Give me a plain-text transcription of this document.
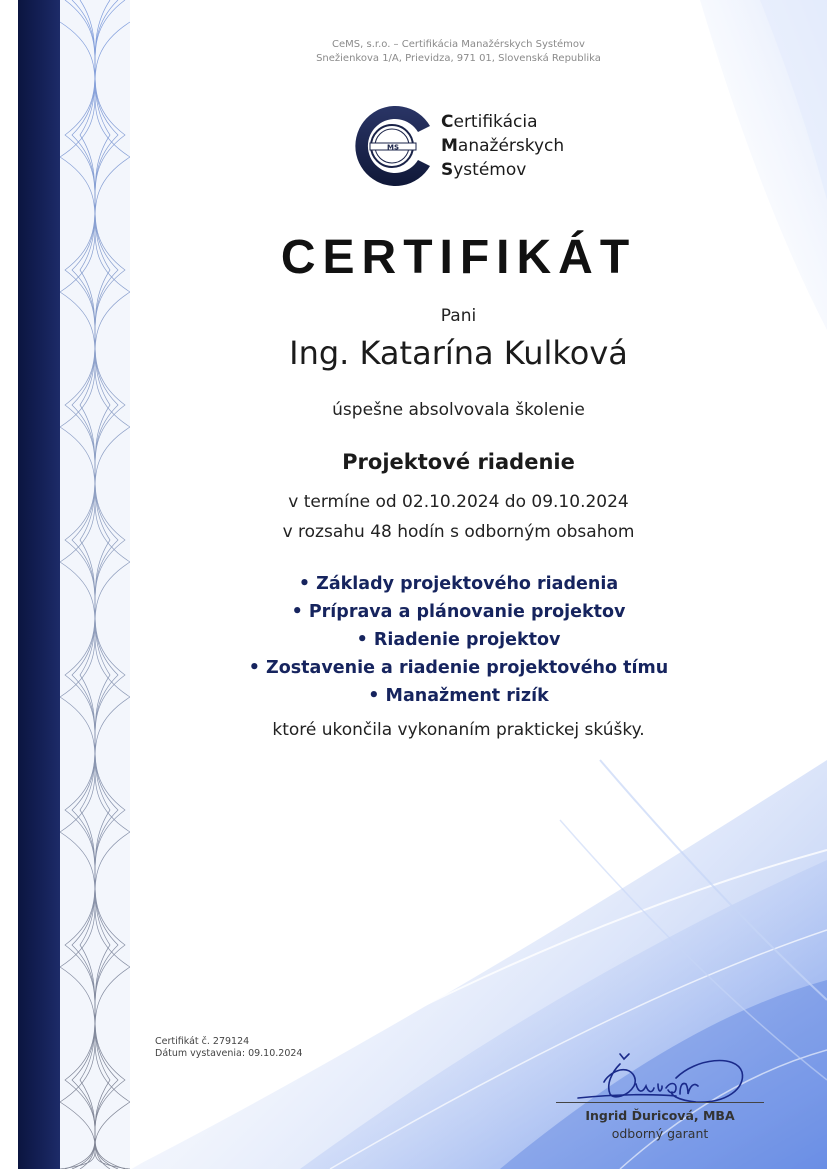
CeMS, s.r.o. – Certifikácia Manažérskych Systémov
Snežienkova 1/A, Prievidza, 971 01, Slovenská Republika
MS
Certifikácia
Manažérskych
Systémov
CERTIFIKÁT
Pani
Ing. Katarína Kulková
úspešne absolvovala školenie
Projektové riadenie
v termíne od 02.10.2024 do 09.10.2024
v rozsahu 48 hodín s odborným obsahom
• Základy projektového riadenia
• Príprava a plánovanie projektov
• Riadenie projektov
• Zostavenie a riadenie projektového tímu
• Manažment rizík
ktoré ukončila vykonaním praktickej skúšky.
Certifikát č. 279124
Dátum vystavenia: 09.10.2024
Ingrid Ďuricová, MBA
odborný garant
